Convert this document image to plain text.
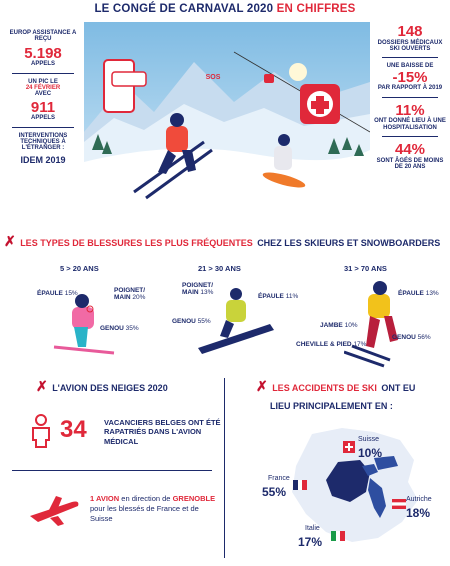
LE CONGÉ DE CARNAVAL 2020 EN CHIFFRES
EUROP ASSISTANCE A REÇU
5.198
APPELS
UN PIC LE
24 FÉVRIER
AVEC
911
APPELS
INTERVENTIONS TECHNIQUES À L'ÉTRANGER :
IDEM 2019
SOS
148
DOSSIERS MÉDICAUX SKI OUVERTS
UNE BAISSE DE
-15%
PAR RAPPORT À 2019
11%
ONT DONNÉ LIEU À UNE HOSPITALISATION
44%
SONT ÂGÉS DE MOINS DE 20 ANS
✗ LES TYPES DE BLESSURES LES PLUS FRÉQUENTES CHEZ LES SKIEURS ET SNOWBOARDERS
5 > 20 ANS
ÉPAULE 15%	POIGNET/ MAIN 20%
GENOU 35%
21 > 30 ANS
POIGNET/ MAIN 13%
ÉPAULE 11%
GENOU 55%
31 > 70 ANS
ÉPAULE 13%
JAMBE 10%
GENOU 56%
CHEVILLE & PIED 17%
✗ L'AVION DES NEIGES 2020
34 VACANCIERS BELGES ONT ÉTÉ RAPATRIÉS DANS L'AVION MÉDICAL
1 AVION en direction de GRENOBLE pour les blessés de France et de Suisse
✗ LES ACCIDENTS DE SKI ONT EU
LIEU PRINCIPALEMENT EN :
Suisse
10%
France
55%
Autriche
18%
Italie
17%
